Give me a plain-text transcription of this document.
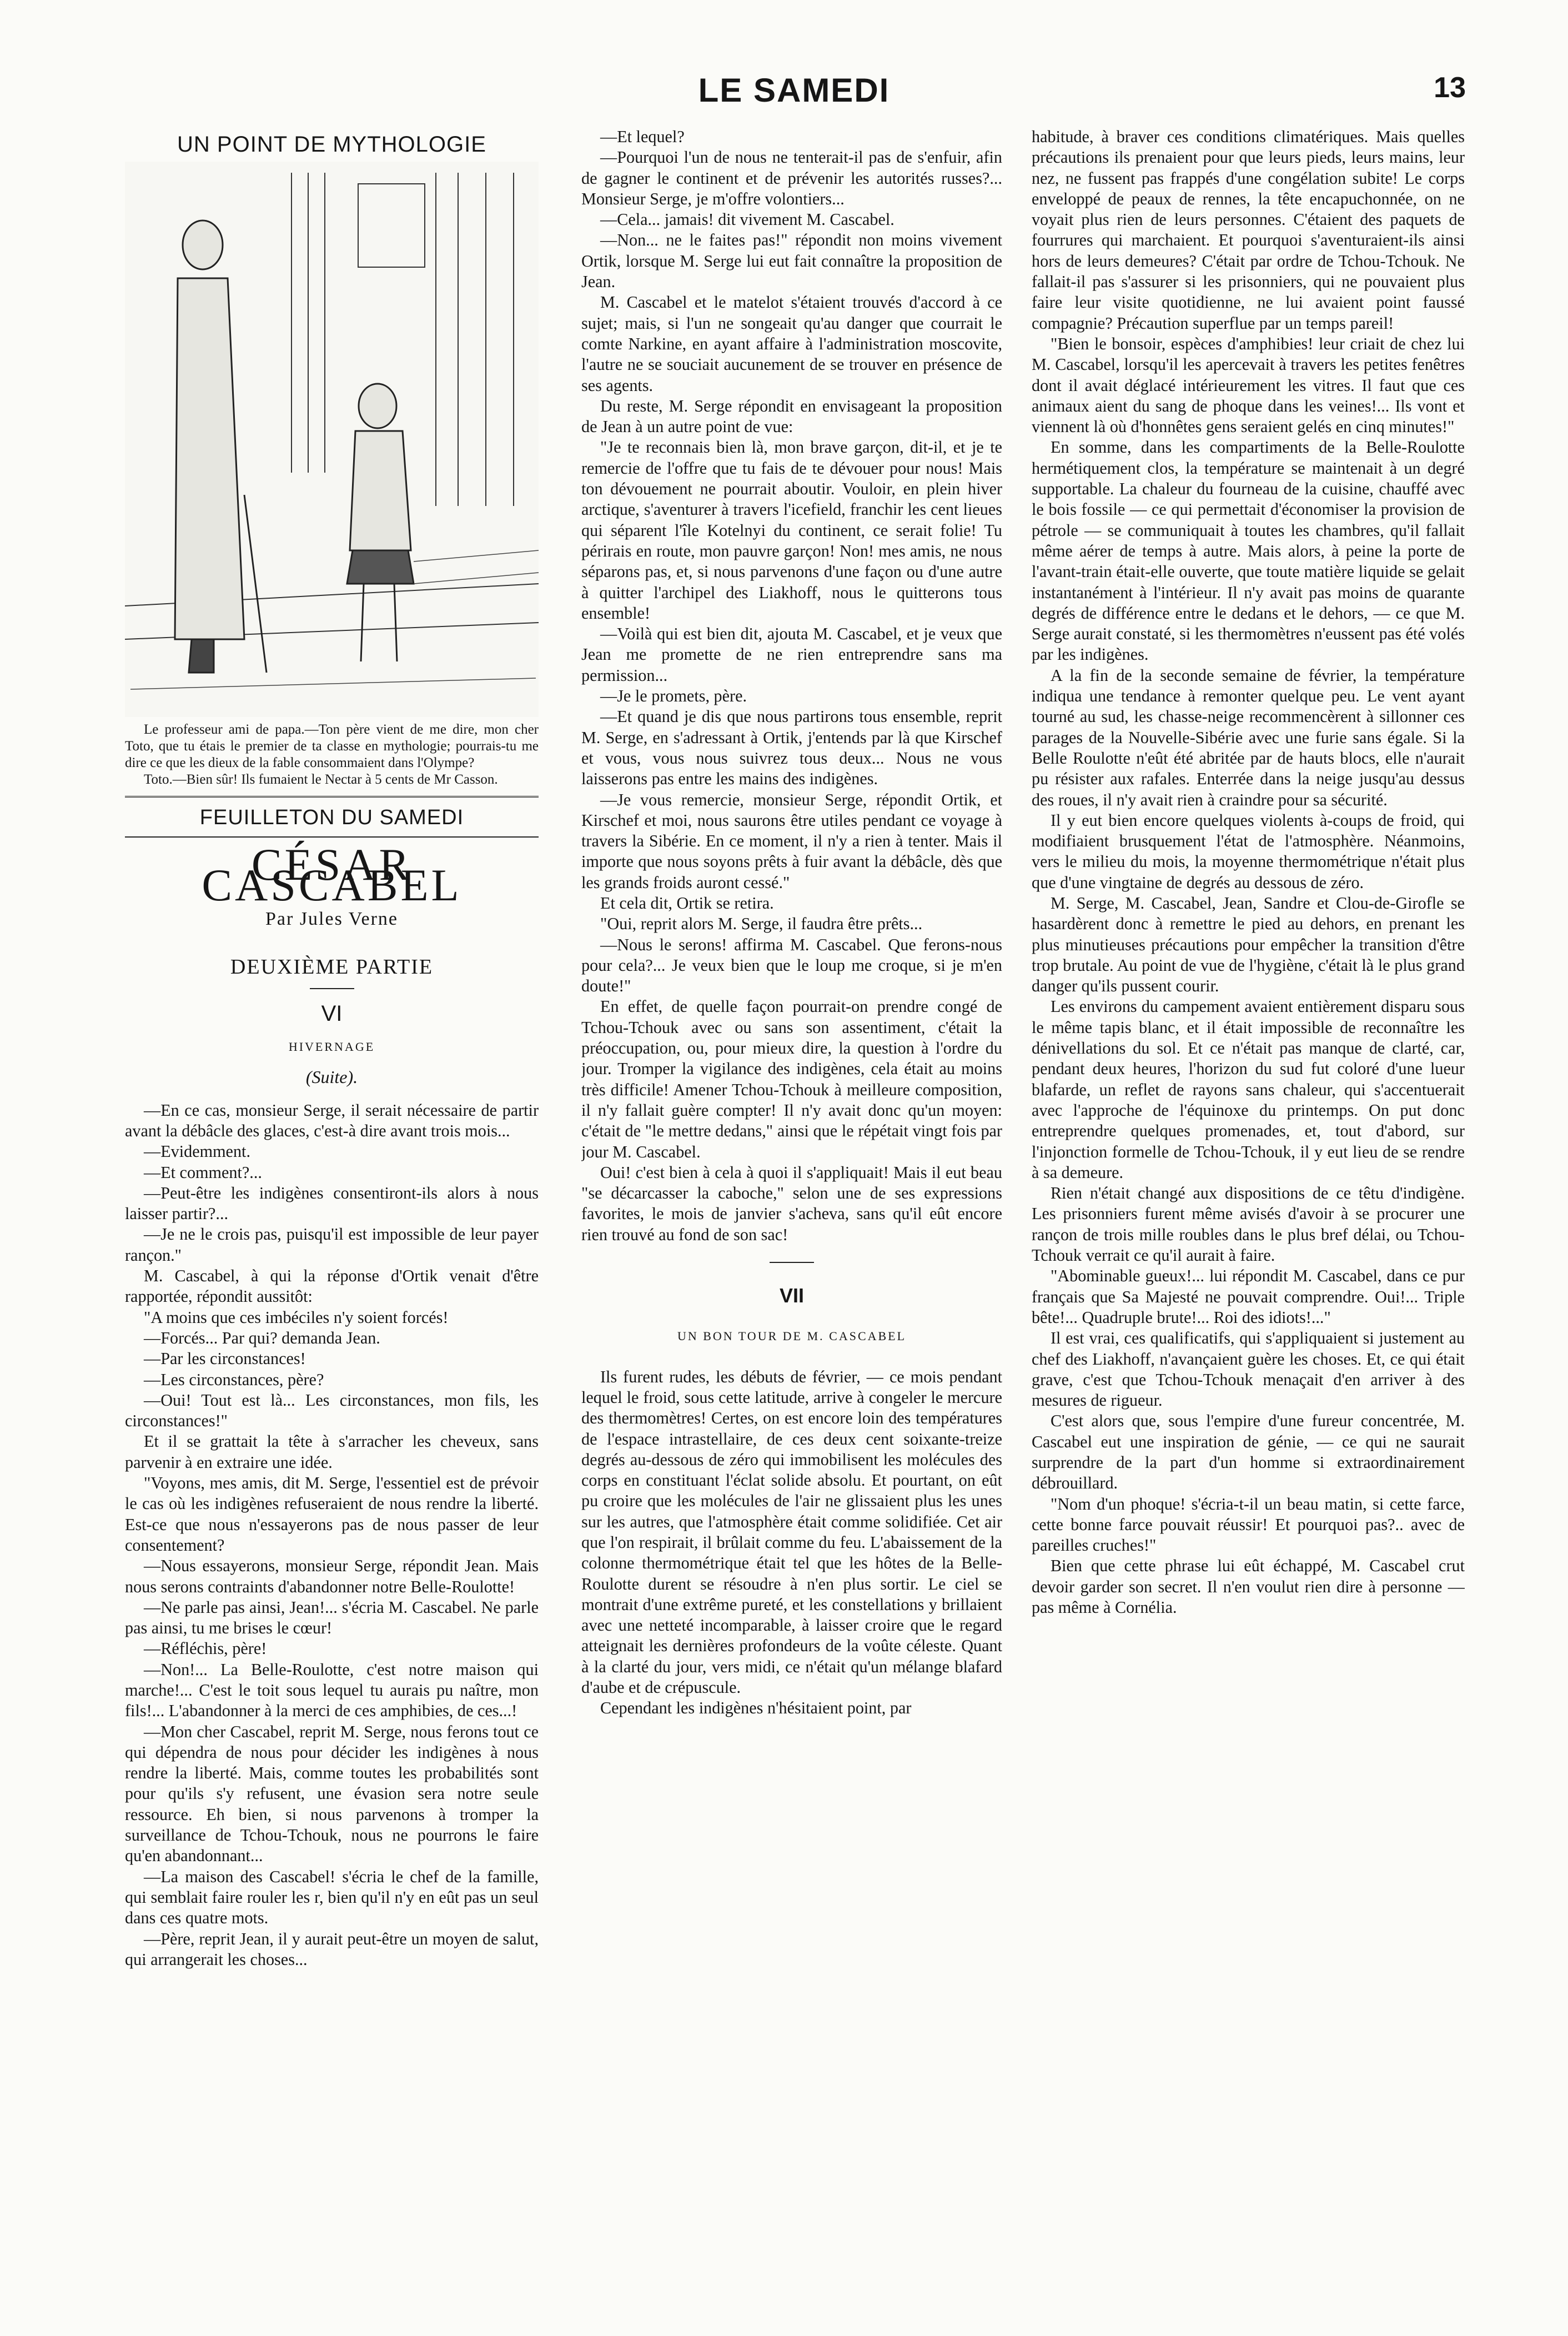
LE SAMEDI	13
UN POINT DE MYTHOLOGIE

Le professeur ami de papa.—Ton père vient de me dire, mon cher Toto, que tu étais le premier de ta classe en mythologie; pourrais-tu me dire ce que les dieux de la fable consommaient dans l'Olympe?

Toto.—Bien sûr! Ils fumaient le Nectar à 5 cents de Mr Casson.

FEUILLETON DU SAMEDI
CÉSAR CASCABEL
Par Jules Verne
DEUXIÈME PARTIE
VI
HIVERNAGE
(Suite).

—En ce cas, monsieur Serge, il serait nécessaire de partir avant la débâcle des glaces, c'est-à dire avant trois mois...

—Evidemment.

—Et comment?...

—Peut-être les indigènes consentiront-ils alors à nous laisser partir?...

—Je ne le crois pas, puisqu'il est impossible de leur payer rançon."

M. Cascabel, à qui la réponse d'Ortik venait d'être rapportée, répondit aussitôt:

"A moins que ces imbéciles n'y soient forcés!

—Forcés... Par qui? demanda Jean.

—Par les circonstances!

—Les circonstances, père?

—Oui! Tout est là... Les circonstances, mon fils, les circonstances!"

Et il se grattait la tête à s'arracher les cheveux, sans parvenir à en extraire une idée.

"Voyons, mes amis, dit M. Serge, l'essentiel est de prévoir le cas où les indigènes refuseraient de nous rendre la liberté. Est-ce que nous n'essayerons pas de nous passer de leur consentement?

—Nous essayerons, monsieur Serge, répondit Jean. Mais nous serons contraints d'abandonner notre Belle-Roulotte!

—Ne parle pas ainsi, Jean!... s'écria M. Cascabel. Ne parle pas ainsi, tu me brises le cœur!

—Réfléchis, père!

—Non!... La Belle-Roulotte, c'est notre maison qui marche!... C'est le toit sous lequel tu aurais pu naître, mon fils!... L'abandonner à la merci de ces amphibies, de ces...!

—Mon cher Cascabel, reprit M. Serge, nous ferons tout ce qui dépendra de nous pour décider les indigènes à nous rendre la liberté. Mais, comme toutes les probabilités sont pour qu'ils s'y refusent, une évasion sera notre seule ressource. Eh bien, si nous parvenons à tromper la surveillance de Tchou-Tchouk, nous ne pourrons le faire qu'en abandonnant...

—La maison des Cascabel! s'écria le chef de la famille, qui semblait faire rouler les r, bien qu'il n'y en eût pas un seul dans ces quatre mots.

—Père, reprit Jean, il y aurait peut-être un moyen de salut, qui arrangerait les choses...

—Et lequel?

—Pourquoi l'un de nous ne tenterait-il pas de s'enfuir, afin de gagner le continent et de prévenir les autorités russes?... Monsieur Serge, je m'offre volontiers...

—Cela... jamais! dit vivement M. Cascabel.

—Non... ne le faites pas!" répondit non moins vivement Ortik, lorsque M. Serge lui eut fait connaître la proposition de Jean.

M. Cascabel et le matelot s'étaient trouvés d'accord à ce sujet; mais, si l'un ne songeait qu'au danger que courrait le comte Narkine, en ayant affaire à l'administration moscovite, l'autre ne se souciait aucunement de se trouver en présence de ses agents.

Du reste, M. Serge répondit en envisageant la proposition de Jean à un autre point de vue:

"Je te reconnais bien là, mon brave garçon, dit-il, et je te remercie de l'offre que tu fais de te dévouer pour nous! Mais ton dévouement ne pourrait aboutir. Vouloir, en plein hiver arctique, s'aventurer à travers l'icefield, franchir les cent lieues qui séparent l'île Kotelnyi du continent, ce serait folie! Tu périrais en route, mon pauvre garçon! Non! mes amis, ne nous séparons pas, et, si nous parvenons d'une façon ou d'une autre à quitter l'archipel des Liakhoff, nous le quitterons tous ensemble!

—Voilà qui est bien dit, ajouta M. Cascabel, et je veux que Jean me promette de ne rien entreprendre sans ma permission...

—Je le promets, père.

—Et quand je dis que nous partirons tous ensemble, reprit M. Serge, en s'adressant à Ortik, j'entends par là que Kirschef et vous, vous nous suivrez tous deux... Nous ne vous laisserons pas entre les mains des indigènes.

—Je vous remercie, monsieur Serge, répondit Ortik, et Kirschef et moi, nous saurons être utiles pendant ce voyage à travers la Sibérie. En ce moment, il n'y a rien à tenter. Mais il importe que nous soyons prêts à fuir avant la débâcle, dès que les grands froids auront cessé."

Et cela dit, Ortik se retira.

"Oui, reprit alors M. Serge, il faudra être prêts...

—Nous le serons! affirma M. Cascabel. Que ferons-nous pour cela?... Je veux bien que le loup me croque, si je m'en doute!"

En effet, de quelle façon pourrait-on prendre congé de Tchou-Tchouk avec ou sans son assentiment, c'était la préoccupation, ou, pour mieux dire, la question à l'ordre du jour. Tromper la vigilance des indigènes, cela était au moins très difficile! Amener Tchou-Tchouk à meilleure composition, il n'y fallait guère compter! Il n'y avait donc qu'un moyen: c'était de "le mettre dedans," ainsi que le répétait vingt fois par jour M. Cascabel.

Oui! c'est bien à cela à quoi il s'appliquait! Mais il eut beau "se décarcasser la caboche," selon une de ses expressions favorites, le mois de janvier s'acheva, sans qu'il eût encore rien trouvé au fond de son sac!

VII
UN BON TOUR DE M. CASCABEL

Ils furent rudes, les débuts de février, — ce mois pendant lequel le froid, sous cette latitude, arrive à congeler le mercure des thermomètres! Certes, on est encore loin des températures de l'espace intrastellaire, de ces deux cent soixante-treize degrés au-dessous de zéro qui immobilisent les molécules des corps en constituant l'éclat solide absolu. Et pourtant, on eût pu croire que les molécules de l'air ne glissaient plus les unes sur les autres, que l'atmosphère était comme solidifiée. Cet air que l'on respirait, il brûlait comme du feu. L'abaissement de la colonne thermométrique était tel que les hôtes de la Belle-Roulotte durent se résoudre à n'en plus sortir. Le ciel se montrait d'une extrême pureté, et les constellations y brillaient avec une netteté incomparable, à laisser croire que le regard atteignait les dernières profondeurs de la voûte céleste. Quant à la clarté du jour, vers midi, ce n'était qu'un mélange blafard d'aube et de crépuscule.

Cependant les indigènes n'hésitaient point, par

habitude, à braver ces conditions climatériques. Mais quelles précautions ils prenaient pour que leurs pieds, leurs mains, leur nez, ne fussent pas frappés d'une congélation subite! Le corps enveloppé de peaux de rennes, la tête encapuchonnée, on ne voyait plus rien de leurs personnes. C'étaient des paquets de fourrures qui marchaient. Et pourquoi s'aventuraient-ils ainsi hors de leurs demeures? C'était par ordre de Tchou-Tchouk. Ne fallait-il pas s'assurer si les prisonniers, qui ne pouvaient plus faire leur visite quotidienne, ne lui avaient point faussé compagnie? Précaution superflue par un temps pareil!

"Bien le bonsoir, espèces d'amphibies! leur criait de chez lui M. Cascabel, lorsqu'il les apercevait à travers les petites fenêtres dont il avait déglacé intérieurement les vitres. Il faut que ces animaux aient du sang de phoque dans les veines!... Ils vont et viennent là où d'honnêtes gens seraient gelés en cinq minutes!"

En somme, dans les compartiments de la Belle-Roulotte hermétiquement clos, la température se maintenait à un degré supportable. La chaleur du fourneau de la cuisine, chauffé avec le bois fossile — ce qui permettait d'économiser la provision de pétrole — se communiquait à toutes les chambres, qu'il fallait même aérer de temps à autre. Mais alors, à peine la porte de l'avant-train était-elle ouverte, que toute matière liquide se gelait instantanément à l'intérieur. Il n'y avait pas moins de quarante degrés de différence entre le dedans et le dehors, — ce que M. Serge aurait constaté, si les thermomètres n'eussent pas été volés par les indigènes.

A la fin de la seconde semaine de février, la température indiqua une tendance à remonter quelque peu. Le vent ayant tourné au sud, les chasse-neige recommencèrent à sillonner ces parages de la Nouvelle-Sibérie avec une furie sans égale. Si la Belle Roulotte n'eût été abritée par de hauts blocs, elle n'aurait pu résister aux rafales. Enterrée dans la neige jusqu'au dessus des roues, il n'y avait rien à craindre pour sa sécurité.

Il y eut bien encore quelques violents à-coups de froid, qui modifiaient brusquement l'état de l'atmosphère. Néanmoins, vers le milieu du mois, la moyenne thermométrique n'était plus que d'une vingtaine de degrés au dessous de zéro.

M. Serge, M. Cascabel, Jean, Sandre et Clou-de-Girofle se hasardèrent donc à remettre le pied au dehors, en prenant les plus minutieuses précautions pour empêcher la transition d'être trop brutale. Au point de vue de l'hygiène, c'était là le plus grand danger qu'ils pussent courir.

Les environs du campement avaient entièrement disparu sous le même tapis blanc, et il était impossible de reconnaître les dénivellations du sol. Et ce n'était pas manque de clarté, car, pendant deux heures, l'horizon du sud fut coloré d'une lueur blafarde, un reflet de rayons sans chaleur, qui s'accentuerait avec l'approche de l'équinoxe du printemps. On put donc entreprendre quelques promenades, et, tout d'abord, sur l'injonction formelle de Tchou-Tchouk, il y eut lieu de se rendre à sa demeure.

Rien n'était changé aux dispositions de ce têtu d'indigène. Les prisonniers furent même avisés d'avoir à se procurer une rançon de trois mille roubles dans le plus bref délai, ou Tchou-Tchouk verrait ce qu'il aurait à faire.

"Abominable gueux!... lui répondit M. Cascabel, dans ce pur français que Sa Majesté ne pouvait comprendre. Oui!... Triple bête!... Quadruple brute!... Roi des idiots!..."

Il est vrai, ces qualificatifs, qui s'appliquaient si justement au chef des Liakhoff, n'avançaient guère les choses. Et, ce qui était grave, c'est que Tchou-Tchouk menaçait d'en arriver à des mesures de rigueur.

C'est alors que, sous l'empire d'une fureur concentrée, M. Cascabel eut une inspiration de génie, — ce qui ne saurait surprendre de la part d'un homme si extraordinairement débrouillard.

"Nom d'un phoque! s'écria-t-il un beau matin, si cette farce, cette bonne farce pouvait réussir! Et pourquoi pas?.. avec de pareilles cruches!"

Bien que cette phrase lui eût échappé, M. Cascabel crut devoir garder son secret. Il n'en voulut rien dire à personne — pas même à Cornélia.
